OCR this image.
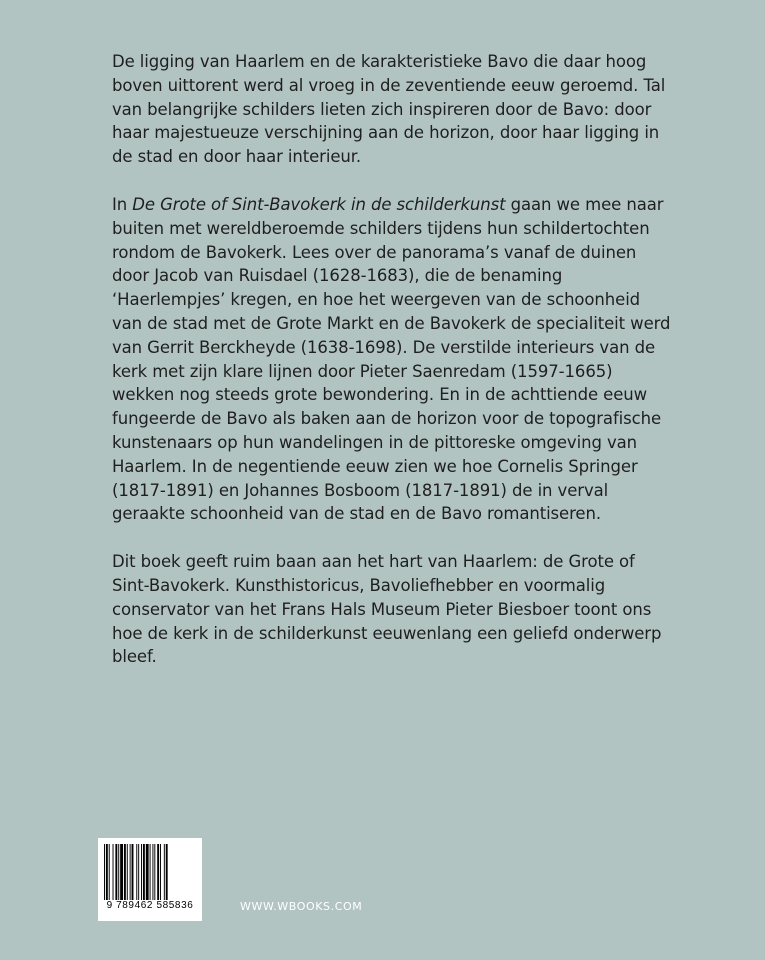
De ligging van Haarlem en de karakteristieke Bavo die daar hoog boven uittorent werd al vroeg in de zeventiende eeuw geroemd. Tal van belangrijke schilders lieten zich inspireren door de Bavo: door haar majestueuze verschijning aan de horizon, door haar ligging in de stad en door haar interieur.

In De Grote of Sint-Bavokerk in de schilderkunst gaan we mee naar buiten met wereldberoemde schilders tijdens hun schildertochten rondom de Bavokerk. Lees over de panorama’s vanaf de duinen door Jacob van Ruisdael (1628-1683), die de benaming ‘Haerlempjes’ kregen, en hoe het weergeven van de schoonheid van de stad met de Grote Markt en de Bavokerk de specialiteit werd van Gerrit Berckheyde (1638-1698). De verstilde interieurs van de kerk met zijn klare lijnen door Pieter Saenredam (1597-1665) wekken nog steeds grote bewondering. En in de achttiende eeuw fungeerde de Bavo als baken aan de horizon voor de topografische kunstenaars op hun wandelingen in de pittoreske omgeving van Haarlem. In de negentiende eeuw zien we hoe Cornelis Springer (1817-1891) en Johannes Bosboom (1817-1891) de in verval geraakte schoonheid van de stad en de Bavo romantiseren.

Dit boek geeft ruim baan aan het hart van Haarlem: de Grote of Sint-Bavokerk. Kunsthistoricus, Bavoliefhebber en voormalig conservator van het Frans Hals Museum Pieter Biesboer toont ons hoe de kerk in de schilderkunst eeuwenlang een geliefd onderwerp bleef.

9 789462 585836	WWW.WBOOKS.COM
